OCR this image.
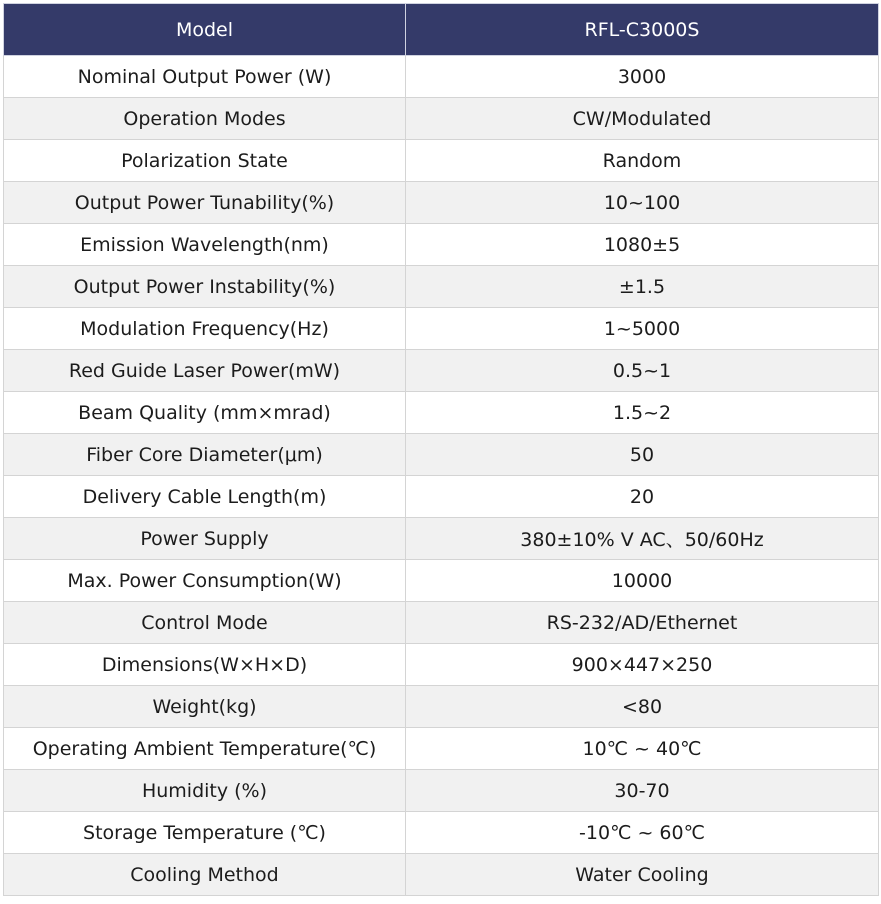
Model	RFL-C3000S
Nominal Output Power (W)	3000
Operation Modes	CW/Modulated
Polarization State	Random
Output Power Tunability(%)	10~100
Emission Wavelength(nm)	1080±5
Output Power Instability(%)	±1.5
Modulation Frequency(Hz)	1~5000
Red Guide Laser Power(mW)	0.5~1
Beam Quality (mm×mrad)	1.5~2
Fiber Core Diameter(μm)	50
Delivery Cable Length(m)	20
Power Supply	380±10% V AC、50/60Hz
Max. Power Consumption(W)	10000
Control Mode	RS-232/AD/Ethernet
Dimensions(W×H×D)	900×447×250
Weight(kg)	<80
Operating Ambient Temperature(℃)	10℃ ~ 40℃
Humidity (%)	30-70
Storage Temperature (℃)	-10℃ ~ 60℃
Cooling Method	Water Cooling
